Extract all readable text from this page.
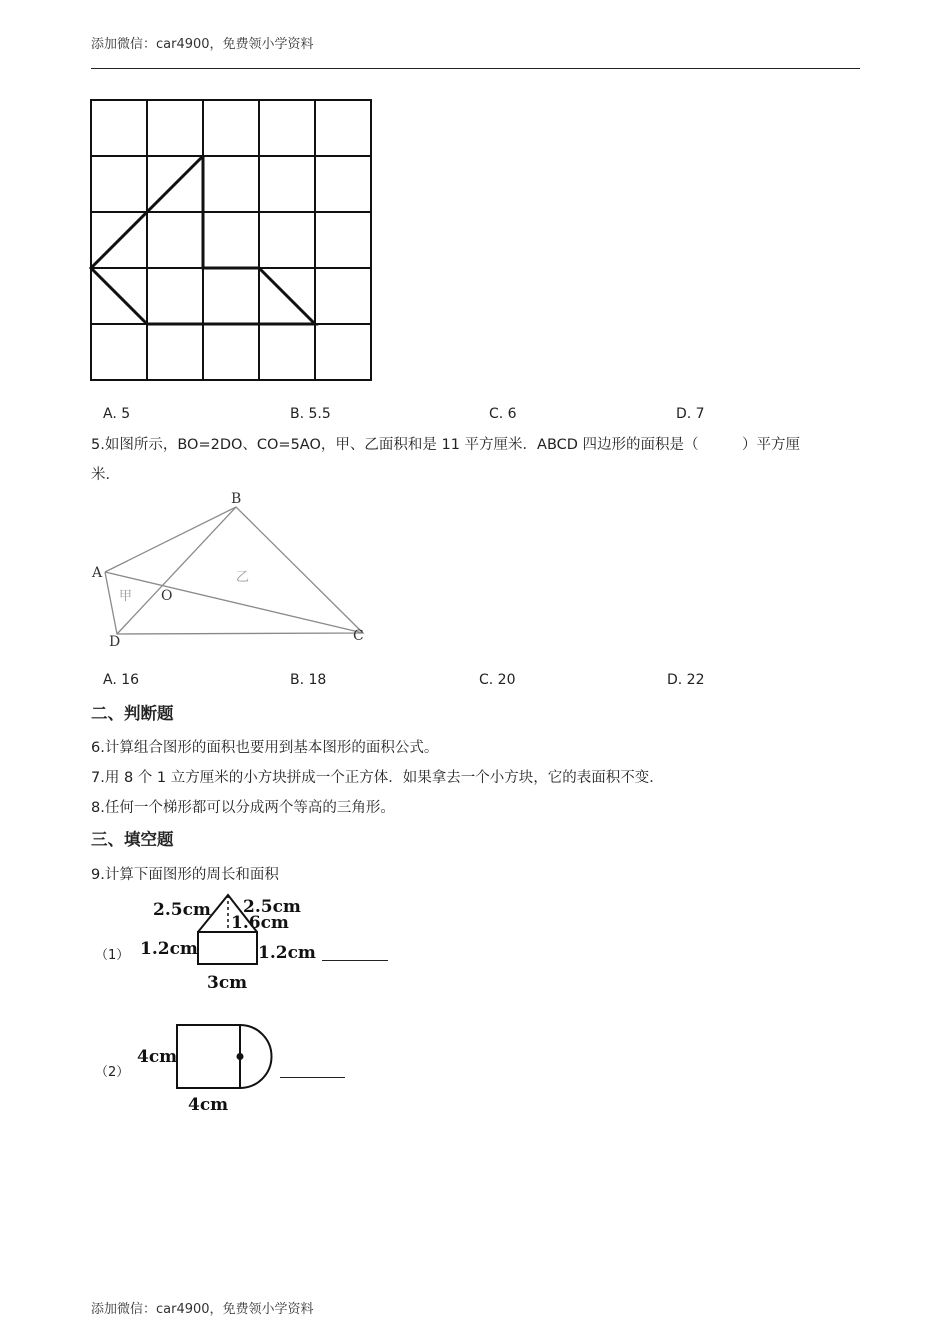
添加微信：car4900，免费领小学资料
A. 5	B. 5.5	C. 6	D. 7
5.如图所示，BO=2DO、CO=5AO，甲、乙面积和是 11 平方厘米．ABCD 四边形的面积是（　　　）平方厘
米．
B
A
O
D	C
甲
乙
A. 16	B. 18	C. 20	D. 22
二、判断题
6.计算组合图形的面积也要用到基本图形的面积公式。
7.用 8 个 1 立方厘米的小方块拼成一个正方体．如果拿去一个小方块，它的表面积不变．
8.任何一个梯形都可以分成两个等高的三角形。
三、填空题
9.计算下面图形的周长和面积
（1）
2.5cm 2.5cm
1.6cm
1.2cm	1.2cm
3cm
（2）
4cm
4cm
添加微信：car4900，免费领小学资料
